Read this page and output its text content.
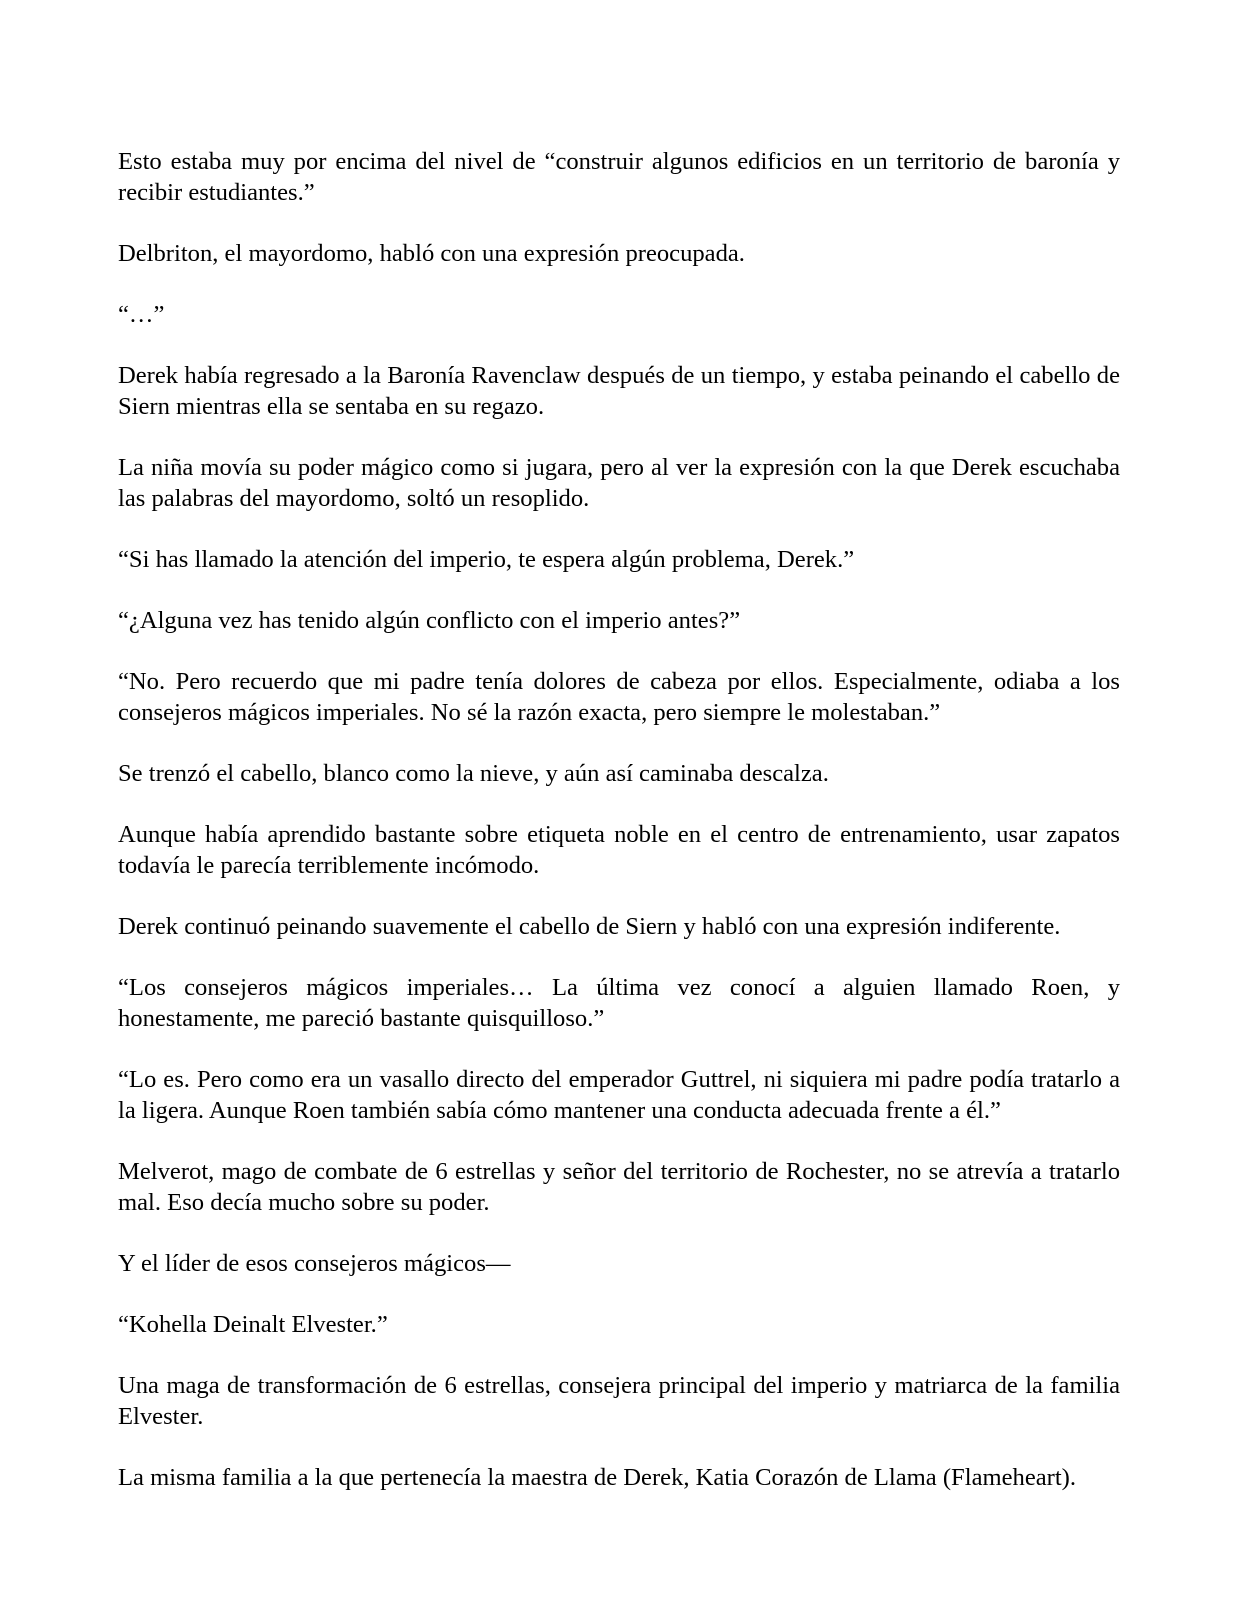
Esto estaba muy por encima del nivel de “construir algunos edificios en un territorio de baronía y recibir estudiantes.”

Delbriton, el mayordomo, habló con una expresión preocupada.

“…”

Derek había regresado a la Baronía Ravenclaw después de un tiempo, y estaba peinando el cabello de Siern mientras ella se sentaba en su regazo.

La niña movía su poder mágico como si jugara, pero al ver la expresión con la que Derek escuchaba las palabras del mayordomo, soltó un resoplido.

“Si has llamado la atención del imperio, te espera algún problema, Derek.”

“¿Alguna vez has tenido algún conflicto con el imperio antes?”

“No. Pero recuerdo que mi padre tenía dolores de cabeza por ellos. Especialmente, odiaba a los consejeros mágicos imperiales. No sé la razón exacta, pero siempre le molestaban.”

Se trenzó el cabello, blanco como la nieve, y aún así caminaba descalza.

Aunque había aprendido bastante sobre etiqueta noble en el centro de entrenamiento, usar zapatos todavía le parecía terriblemente incómodo.

Derek continuó peinando suavemente el cabello de Siern y habló con una expresión indiferente.

“Los consejeros mágicos imperiales… La última vez conocí a alguien llamado Roen, y honestamente, me pareció bastante quisquilloso.”

“Lo es. Pero como era un vasallo directo del emperador Guttrel, ni siquiera mi padre podía tratarlo a la ligera. Aunque Roen también sabía cómo mantener una conducta adecuada frente a él.”

Melverot, mago de combate de 6 estrellas y señor del territorio de Rochester, no se atrevía a tratarlo mal. Eso decía mucho sobre su poder.

Y el líder de esos consejeros mágicos—

“Kohella Deinalt Elvester.”

Una maga de transformación de 6 estrellas, consejera principal del imperio y matriarca de la familia Elvester.

La misma familia a la que pertenecía la maestra de Derek, Katia Corazón de Llama (Flameheart).
